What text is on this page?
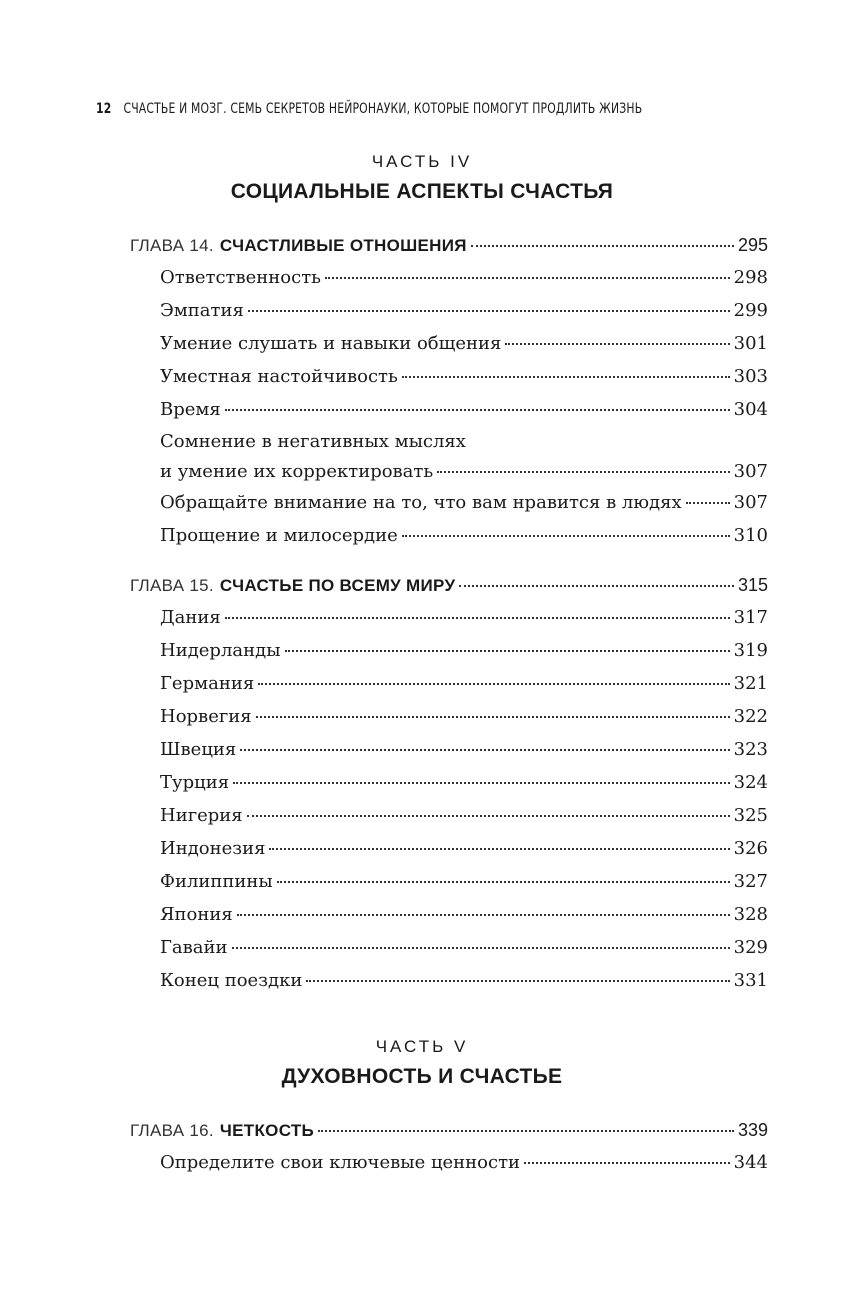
12 СЧАСТЬЕ И МОЗГ. СЕМЬ СЕКРЕТОВ НЕЙРОНАУКИ, КОТОРЫЕ ПОМОГУТ ПРОДЛИТЬ ЖИЗНЬ
ЧАСТЬ IV
СОЦИАЛЬНЫЕ АСПЕКТЫ СЧАСТЬЯ
ГЛАВА 14. СЧАСТЛИВЫЕ ОТНОШЕНИЯ	295
Ответственность	298
Эмпатия	299
Умение слушать и навыки общения	301
Уместная настойчивость	303
Время	304
Сомнение в негативных мыслях
и умение их корректировать	307
Обращайте внимание на то, что вам нравится в людях	307
Прощение и милосердие	310
ГЛАВА 15. СЧАСТЬЕ ПО ВСЕМУ МИРУ	315
Дания	317
Нидерланды	319
Германия	321
Норвегия	322
Швеция	323
Турция	324
Нигерия	325
Индонезия	326
Филиппины	327
Япония	328
Гавайи	329
Конец поездки	331
ЧАСТЬ V
ДУХОВНОСТЬ И СЧАСТЬЕ
ГЛАВА 16. ЧЕТКОСТЬ	339
Определите свои ключевые ценности	344
